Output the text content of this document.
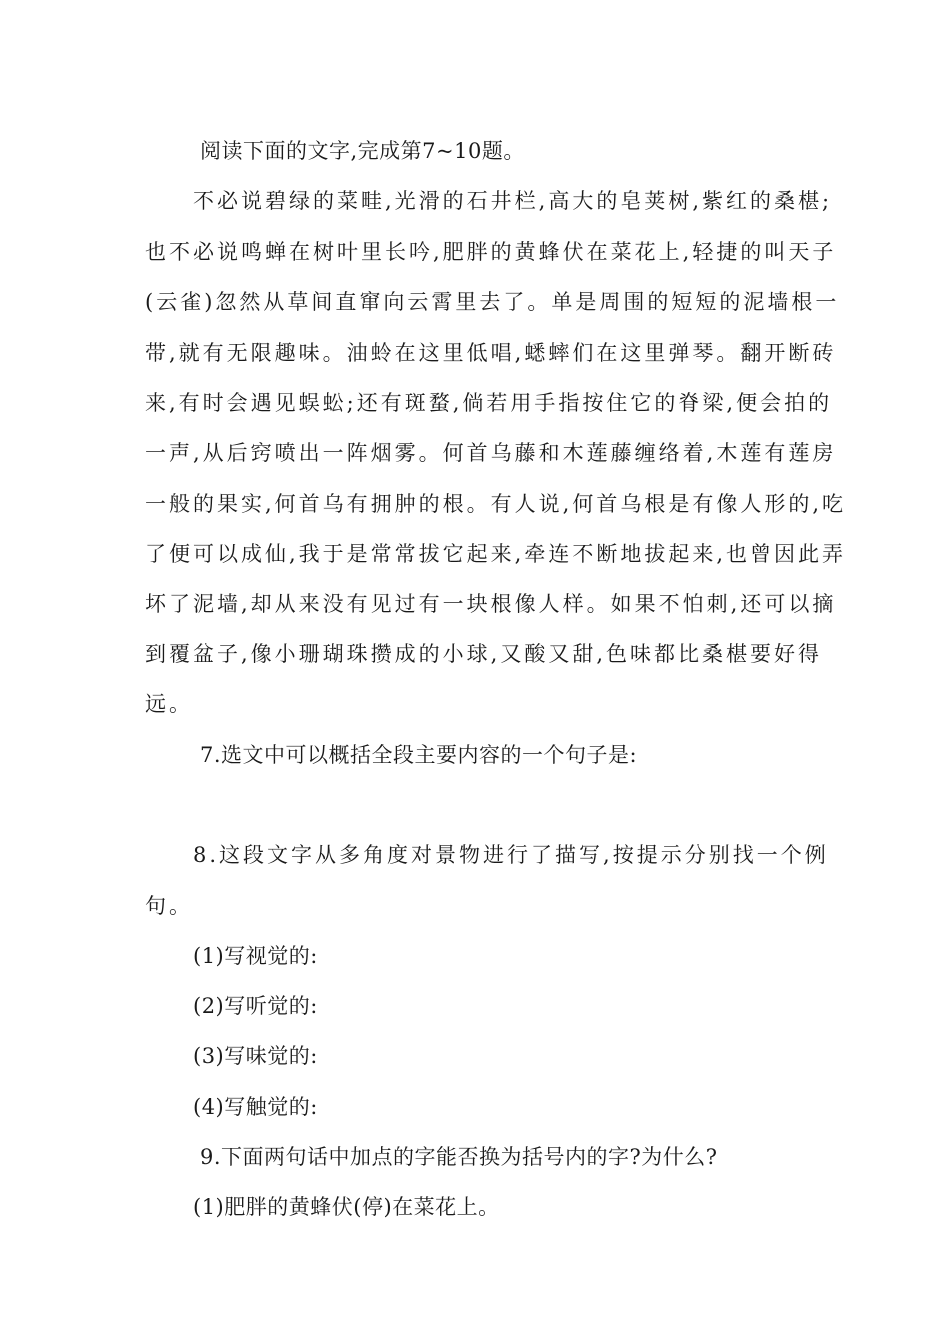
阅读下面的文字,完成第7~10题。
不必说碧绿的菜畦,光滑的石井栏,高大的皂荚树,紫红的桑椹;
也不必说鸣蝉在树叶里长吟,肥胖的黄蜂伏在菜花上,轻捷的叫天子
(云雀)忽然从草间直窜向云霄里去了。单是周围的短短的泥墙根一
带,就有无限趣味。油蛉在这里低唱,蟋蟀们在这里弹琴。翻开断砖
来,有时会遇见蜈蚣;还有斑蝥,倘若用手指按住它的脊梁,便会拍的
一声,从后窍喷出一阵烟雾。何首乌藤和木莲藤缠络着,木莲有莲房
一般的果实,何首乌有拥肿的根。有人说,何首乌根是有像人形的,吃
了便可以成仙,我于是常常拔它起来,牵连不断地拔起来,也曾因此弄
坏了泥墙,却从来没有见过有一块根像人样。如果不怕刺,还可以摘
到覆盆子,像小珊瑚珠攒成的小球,又酸又甜,色味都比桑椹要好得
远。
7.选文中可以概括全段主要内容的一个句子是:
8.这段文字从多角度对景物进行了描写,按提示分别找一个例
句。
(1)写视觉的:
(2)写听觉的:
(3)写味觉的:
(4)写触觉的:
9.下面两句话中加点的字能否换为括号内的字?为什么?
(1)肥胖的黄蜂伏(停)在菜花上。
